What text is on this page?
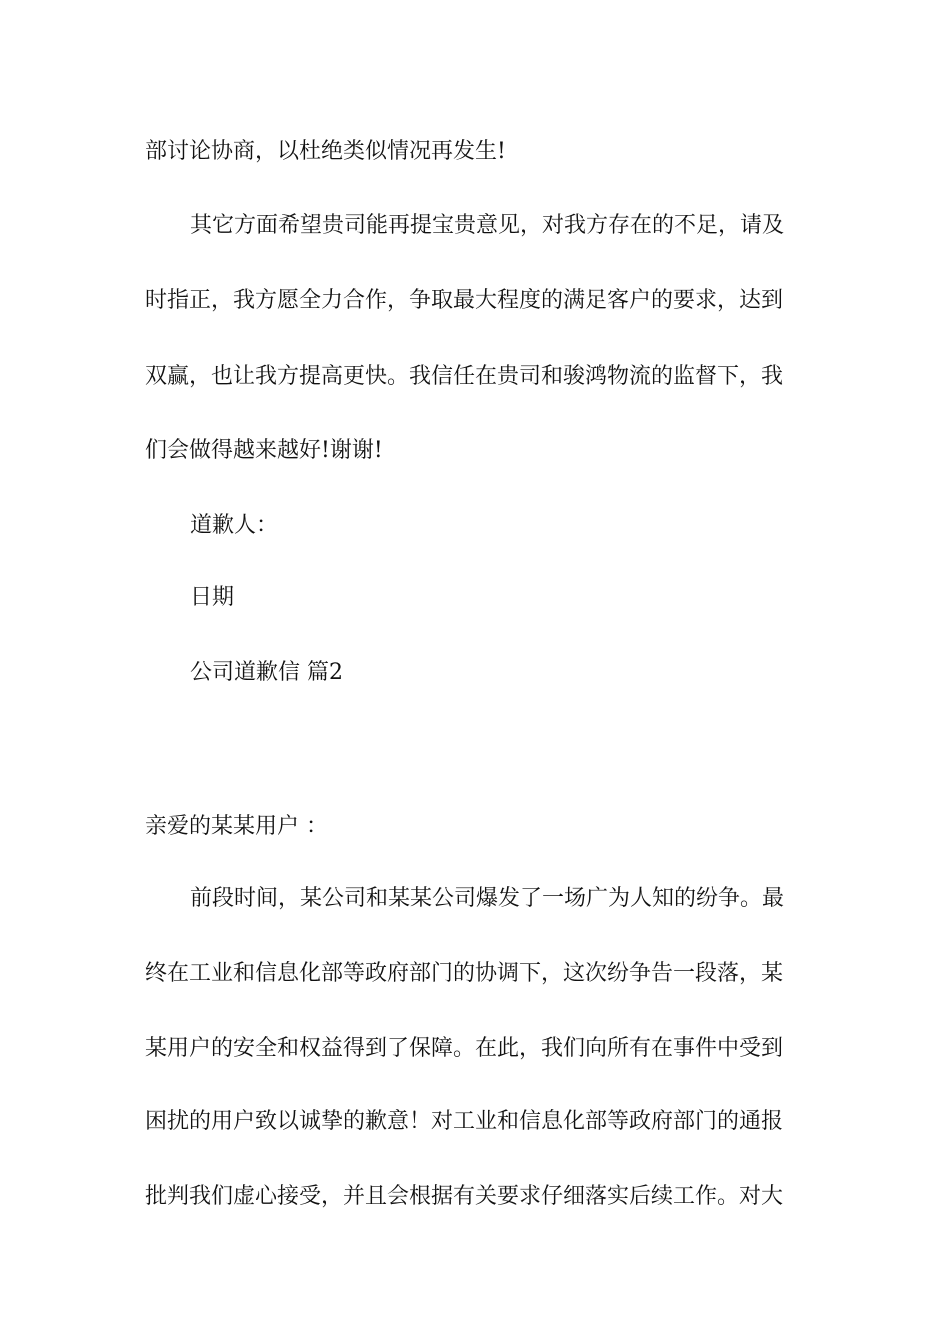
部讨论协商，以杜绝类似情况再发生!
其它方面希望贵司能再提宝贵意见，对我方存在的不足，请及
时指正，我方愿全力合作，争取最大程度的满足客户的要求，达到
双赢，也让我方提高更快。我信任在贵司和骏鸿物流的监督下，我
们会做得越来越好!谢谢!
道歉人：
日期
公司道歉信 篇2
亲爱的某某用户 ：
前段时间，某公司和某某公司爆发了一场广为人知的纷争。最
终在工业和信息化部等政府部门的协调下，这次纷争告一段落，某
某用户的安全和权益得到了保障。在此，我们向所有在事件中受到
困扰的用户致以诚挚的歉意！对工业和信息化部等政府部门的通报
批判我们虚心接受，并且会根据有关要求仔细落实后续工作。对大
